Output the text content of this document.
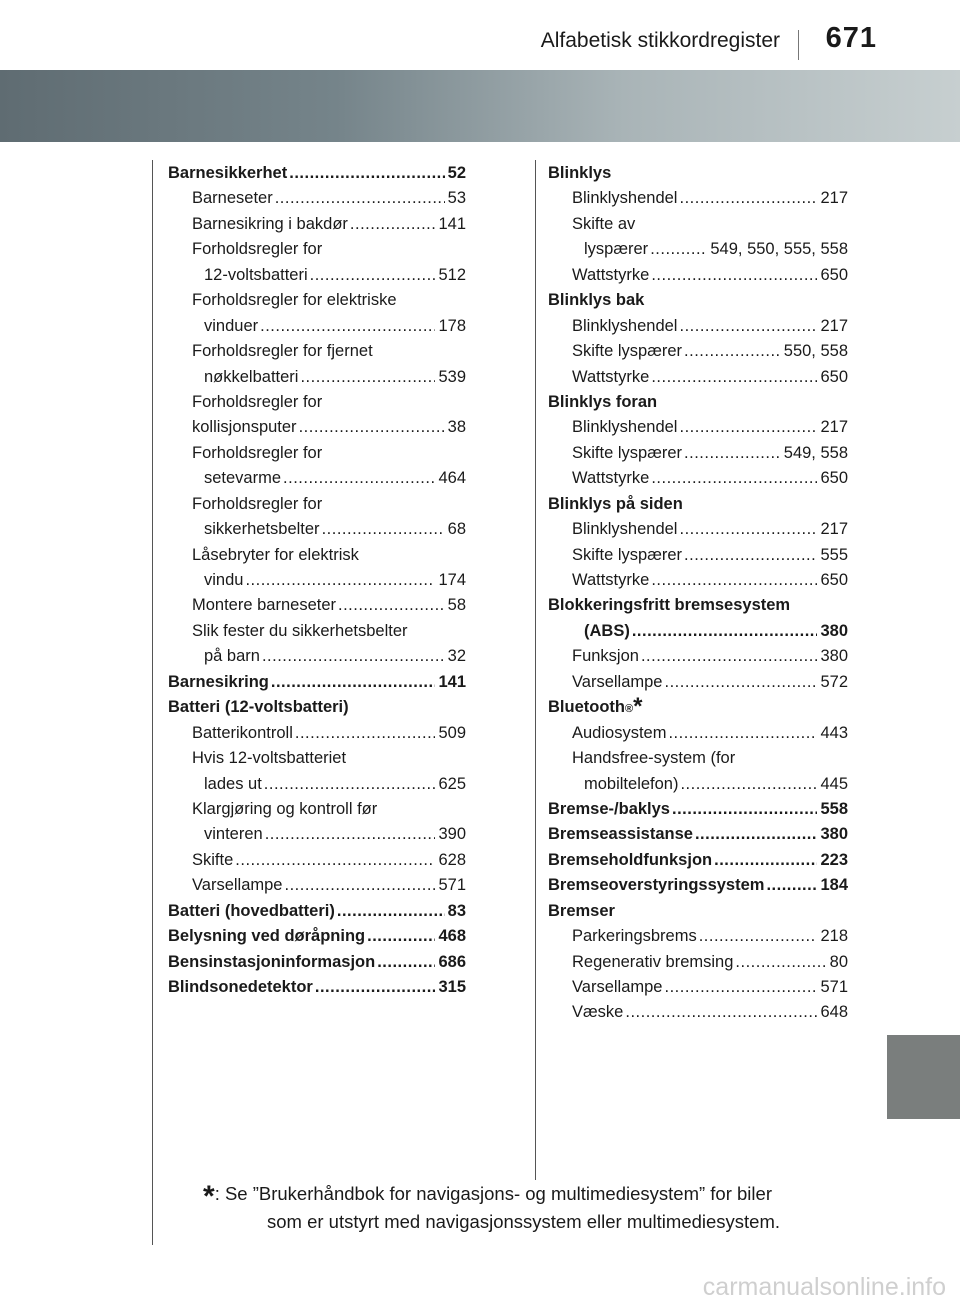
Alfabetisk stikkordregister 671
Barnesikkerhet .....	52
Barneseter .....	53
Barnesikring i bakdør .....	141
Forholdsregler for
12-voltsbatteri .....	512
Forholdsregler for elektriske
vinduer .....	178
Forholdsregler for fjernet
nøkkelbatteri .....	539
Forholdsregler for
kollisjonsputer .....	38
Forholdsregler for
setevarme .....	464
Forholdsregler for
sikkerhetsbelter .....	68
Låsebryter for elektrisk
vindu .....	174
Montere barneseter .....	58
Slik fester du sikkerhetsbelter
på barn .....	32
Barnesikring .....	141
Batteri (12-voltsbatteri)
Batterikontroll .....	509
Hvis 12-voltsbatteriet
lades ut .....	625
Klargjøring og kontroll før
vinteren .....	390
Skifte .....	628
Varsellampe .....	571
Batteri (hovedbatteri) .....	83
Belysning ved døråpning .....	468
Bensinstasjoninformasjon .....	686
Blindsonedetektor .....	315
Blinklys
Blinklyshendel .....	217
Skifte av
lyspærer .....	549, 550, 555, 558
Wattstyrke .....	650
Blinklys bak
Blinklyshendel .....	217
Skifte lyspærer .....	550, 558
Wattstyrke .....	650
Blinklys foran
Blinklyshendel .....	217
Skifte lyspærer .....	549, 558
Wattstyrke .....	650
Blinklys på siden
Blinklyshendel .....	217
Skifte lyspærer .....	555
Wattstyrke .....	650
Blokkeringsfritt bremsesystem
(ABS) .....	380
Funksjon .....	380
Varsellampe .....	572
Bluetooth ® *
Audiosystem .....	443
Handsfree-system (for
mobiltelefon) .....	445
Bremse-/baklys .....	558
Bremseassistanse .....	380
Bremseholdfunksjon .....	223
Bremseoverstyringssystem .....	184
Bremser
Parkeringsbrems .....	218
Regenerativ bremsing .....	80
Varsellampe .....	571
Væske .....	648
*: Se ”Brukerhåndbok for navigasjons- og multimediesystem” for biler
som er utstyrt med navigasjonssystem eller multimediesystem.
carmanualsonline.info
